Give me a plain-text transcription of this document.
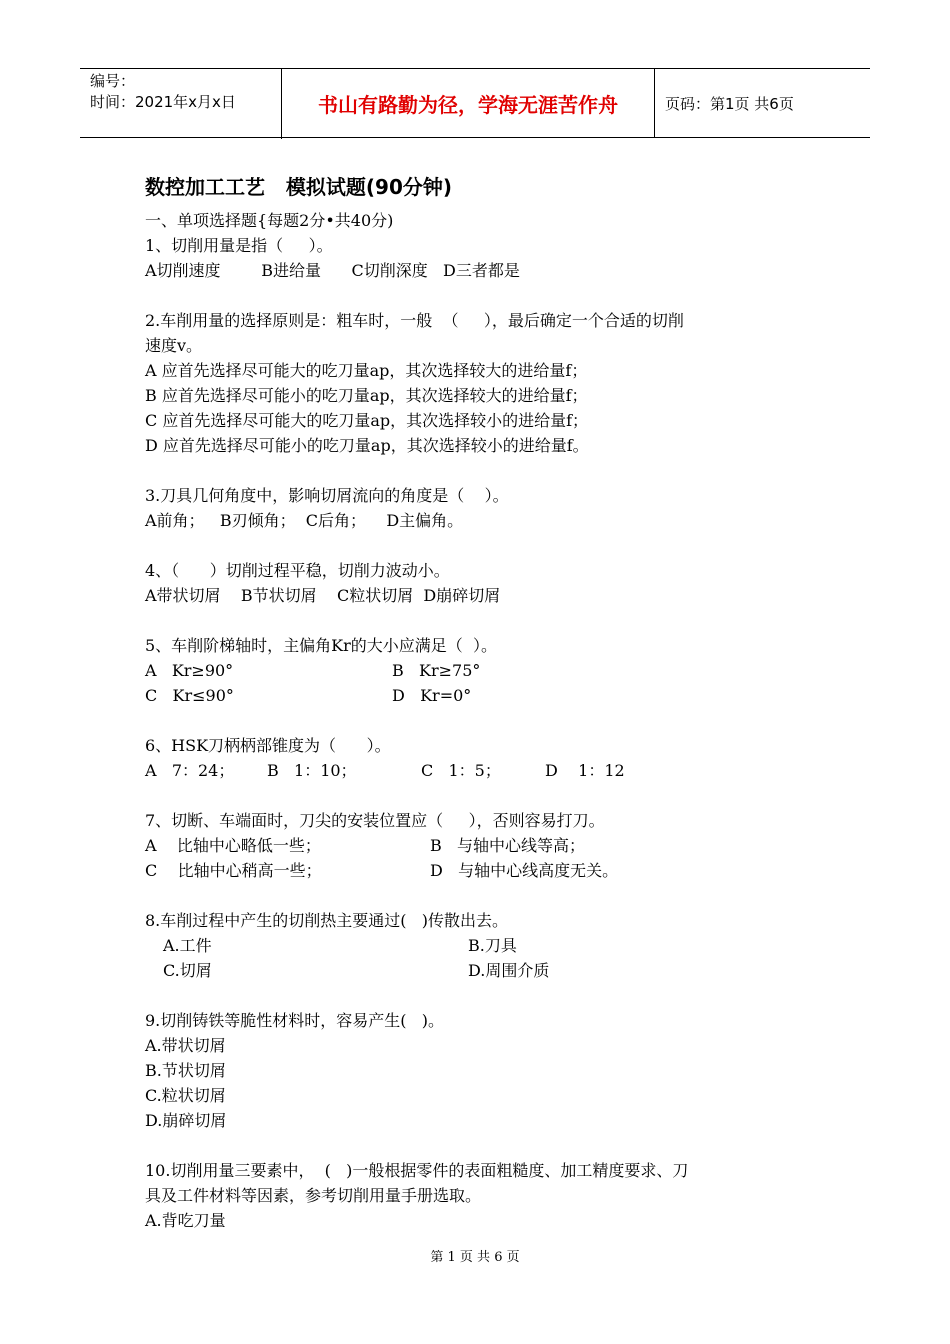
编号：
时间：2021年x月x日	书山有路勤为径，学海无涯苦作舟	页码：第1页 共6页
数控加工工艺   模拟试题(90分钟)
一、单项选择题{每题2分•共40分)
1、切削用量是指（     ）。
A切削速度        B进给量      C切削深度   D三者都是
2.车削用量的选择原则是：粗车时，一般  （     ），最后确定一个合适的切削
速度v。
A 应首先选择尽可能大的吃刀量ap，其次选择较大的进给量f；
B 应首先选择尽可能小的吃刀量ap，其次选择较大的进给量f；
C 应首先选择尽可能大的吃刀量ap，其次选择较小的进给量f；
D 应首先选择尽可能小的吃刀量ap，其次选择较小的进给量f。
3.刀具几何角度中，影响切屑流向的角度是（    ）。
A前角；   B刃倾角；  C后角；    D主偏角。
4、（      ）切削过程平稳，切削力波动小。
A带状切屑    B节状切屑    C粒状切屑  D崩碎切屑
5、车削阶梯轴时，主偏角Kr的大小应满足（  ）。
A   Kr≥90°	B   Kr≥75°
C   Kr≤90°	D   Kr=0°
6、HSK刀柄柄部锥度为（      ）。
A   7：24； B   1：10；	C   1：5；	D    1：12
7、切断、车端面时，刀尖的安装位置应（     ），否则容易打刀。
A    比轴中心略低一些；	B   与轴中心线等高；
C    比轴中心稍高一些；	D   与轴中心线高度无关。
8.车削过程中产生的切削热主要通过(   )传散出去。
A.工件	B.刀具
C.切屑	D.周围介质
9.切削铸铁等脆性材料时，容易产生(   )。
A.带状切屑
B.节状切屑
C.粒状切屑
D.崩碎切屑
10.切削用量三要素中，  (   )一般根据零件的表面粗糙度、加工精度要求、刀
具及工件材料等因素，参考切削用量手册选取。
A.背吃刀量
第 1 页 共 6 页
